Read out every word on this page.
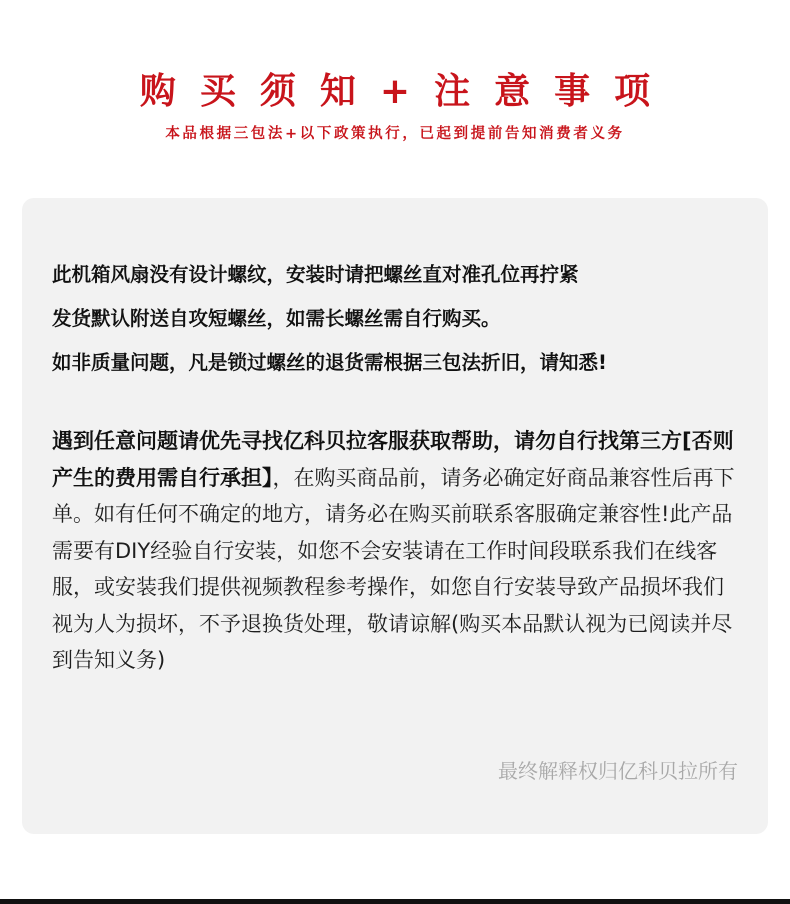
购买须知+注意事项
本品根据三包法+以下政策执行，已起到提前告知消费者义务
此机箱风扇没有设计螺纹，安装时请把螺丝直对准孔位再拧紧
发货默认附送自攻短螺丝，如需长螺丝需自行购买。
如非质量问题，凡是锁过螺丝的退货需根据三包法折旧，请知悉!
遇到任意问题请优先寻找亿科贝拉客服获取帮助，请勿自行找第三方[否则产生的费用需自行承担】，在购买商品前，请务必确定好商品兼容性后再下单。如有任何不确定的地方，请务必在购买前联系客服确定兼容性!此产品需要有DIY经验自行安装，如您不会安装请在工作时间段联系我们在线客服，或安装我们提供视频教程参考操作，如您自行安装导致产品损坏我们视为人为损坏，不予退换货处理，敬请谅解(购买本品默认视为已阅读并尽到告知义务)
最终解释权归亿科贝拉所有
